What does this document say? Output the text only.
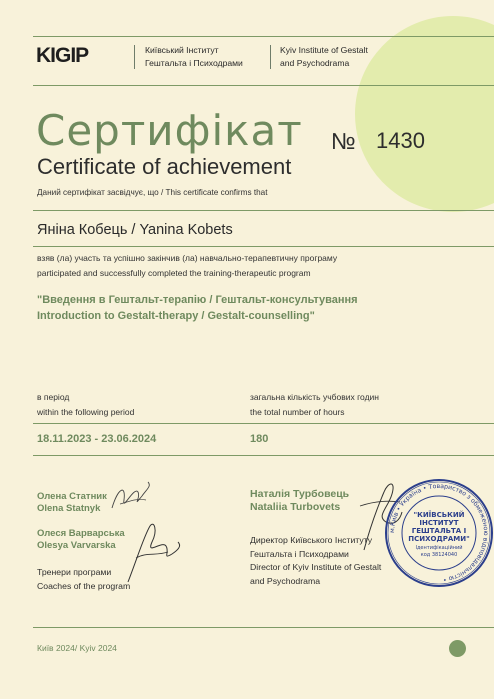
KIGIP	Київський Інститут
Гештальта і Психодрами
Kyiv Institute of Gestalt
and Psychodrama
Сертифікат
Certificate of achievement
№ 1430
Даний сертифікат засвідчує, що / This certificate confirms that
Яніна Кобець / Yanina Kobets
взяв (ла) участь та успішно закінчив (ла) навчально-терапевтичну програму
participated and successfully completed the training-therapeutic program
"Введення в Гештальт-терапію / Гештальт-консультування
Introduction to Gestalt-therapy / Gestalt-counselling"
в період
within the following period
загальна кількість учбових годин
the total number of hours
18.11.2023 - 23.06.2024	180
Олена Статник
Olena Statnyk
Олеся Варварська
Olesya Varvarska
Тренери програми
Coaches of the program
Наталія Турбовець
Nataliia Turbovets
Директор Київського Інституту
Гештальта і Психодрами
Director of Kyiv Institute of Gestalt
and Psychodrama
м.Київ • Україна • Товариство з обмеженою відповідальністю •
"КИЇВСЬКИЙ
ІНСТИТУТ
ГЕШТАЛЬТА І
ПСИХОДРАМИ"
Ідентифікаційний
код 38124040
Київ 2024/ Kyiv 2024
